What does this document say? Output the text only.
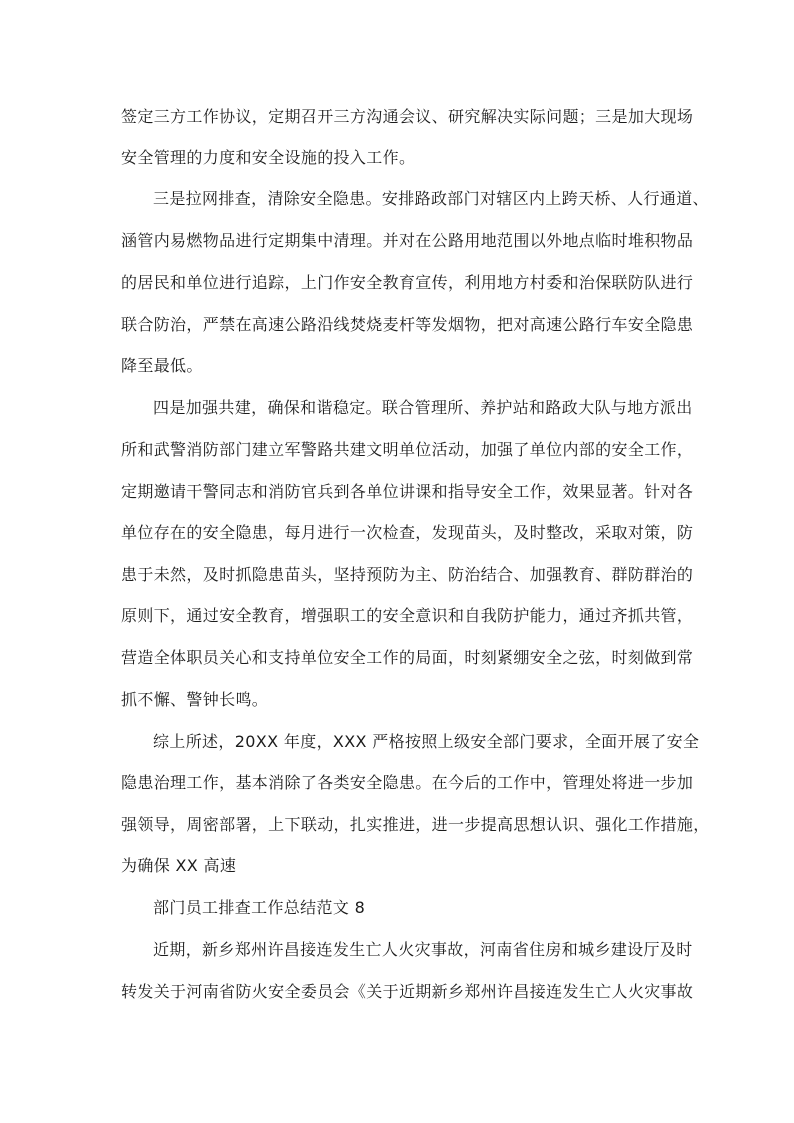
签定三方工作协议，定期召开三方沟通会议、研究解决实际问题；三是加大现场
安全管理的力度和安全设施的投入工作。
三是拉网排查，清除安全隐患。安排路政部门对辖区内上跨天桥、人行通道、
涵管内易燃物品进行定期集中清理。并对在公路用地范围以外地点临时堆积物品
的居民和单位进行追踪，上门作安全教育宣传，利用地方村委和治保联防队进行
联合防治，严禁在高速公路沿线焚烧麦杆等发烟物，把对高速公路行车安全隐患
降至最低。
四是加强共建，确保和谐稳定。联合管理所、养护站和路政大队与地方派出
所和武警消防部门建立军警路共建文明单位活动，加强了单位内部的安全工作，
定期邀请干警同志和消防官兵到各单位讲课和指导安全工作，效果显著。针对各
单位存在的安全隐患，每月进行一次检查，发现苗头，及时整改，采取对策，防
患于未然，及时抓隐患苗头，坚持预防为主、防治结合、加强教育、群防群治的
原则下，通过安全教育，增强职工的安全意识和自我防护能力，通过齐抓共管，
营造全体职员关心和支持单位安全工作的局面，时刻紧绷安全之弦，时刻做到常
抓不懈、警钟长鸣。
综上所述，20XX 年度，XXX 严格按照上级安全部门要求，全面开展了安全
隐患治理工作，基本消除了各类安全隐患。在今后的工作中，管理处将进一步加
强领导，周密部署，上下联动，扎实推进，进一步提高思想认识、强化工作措施，
为确保 XX 高速
部门员工排查工作总结范文 8
近期，新乡郑州许昌接连发生亡人火灾事故，河南省住房和城乡建设厅及时
转发关于河南省防火安全委员会《关于近期新乡郑州许昌接连发生亡人火灾事故
